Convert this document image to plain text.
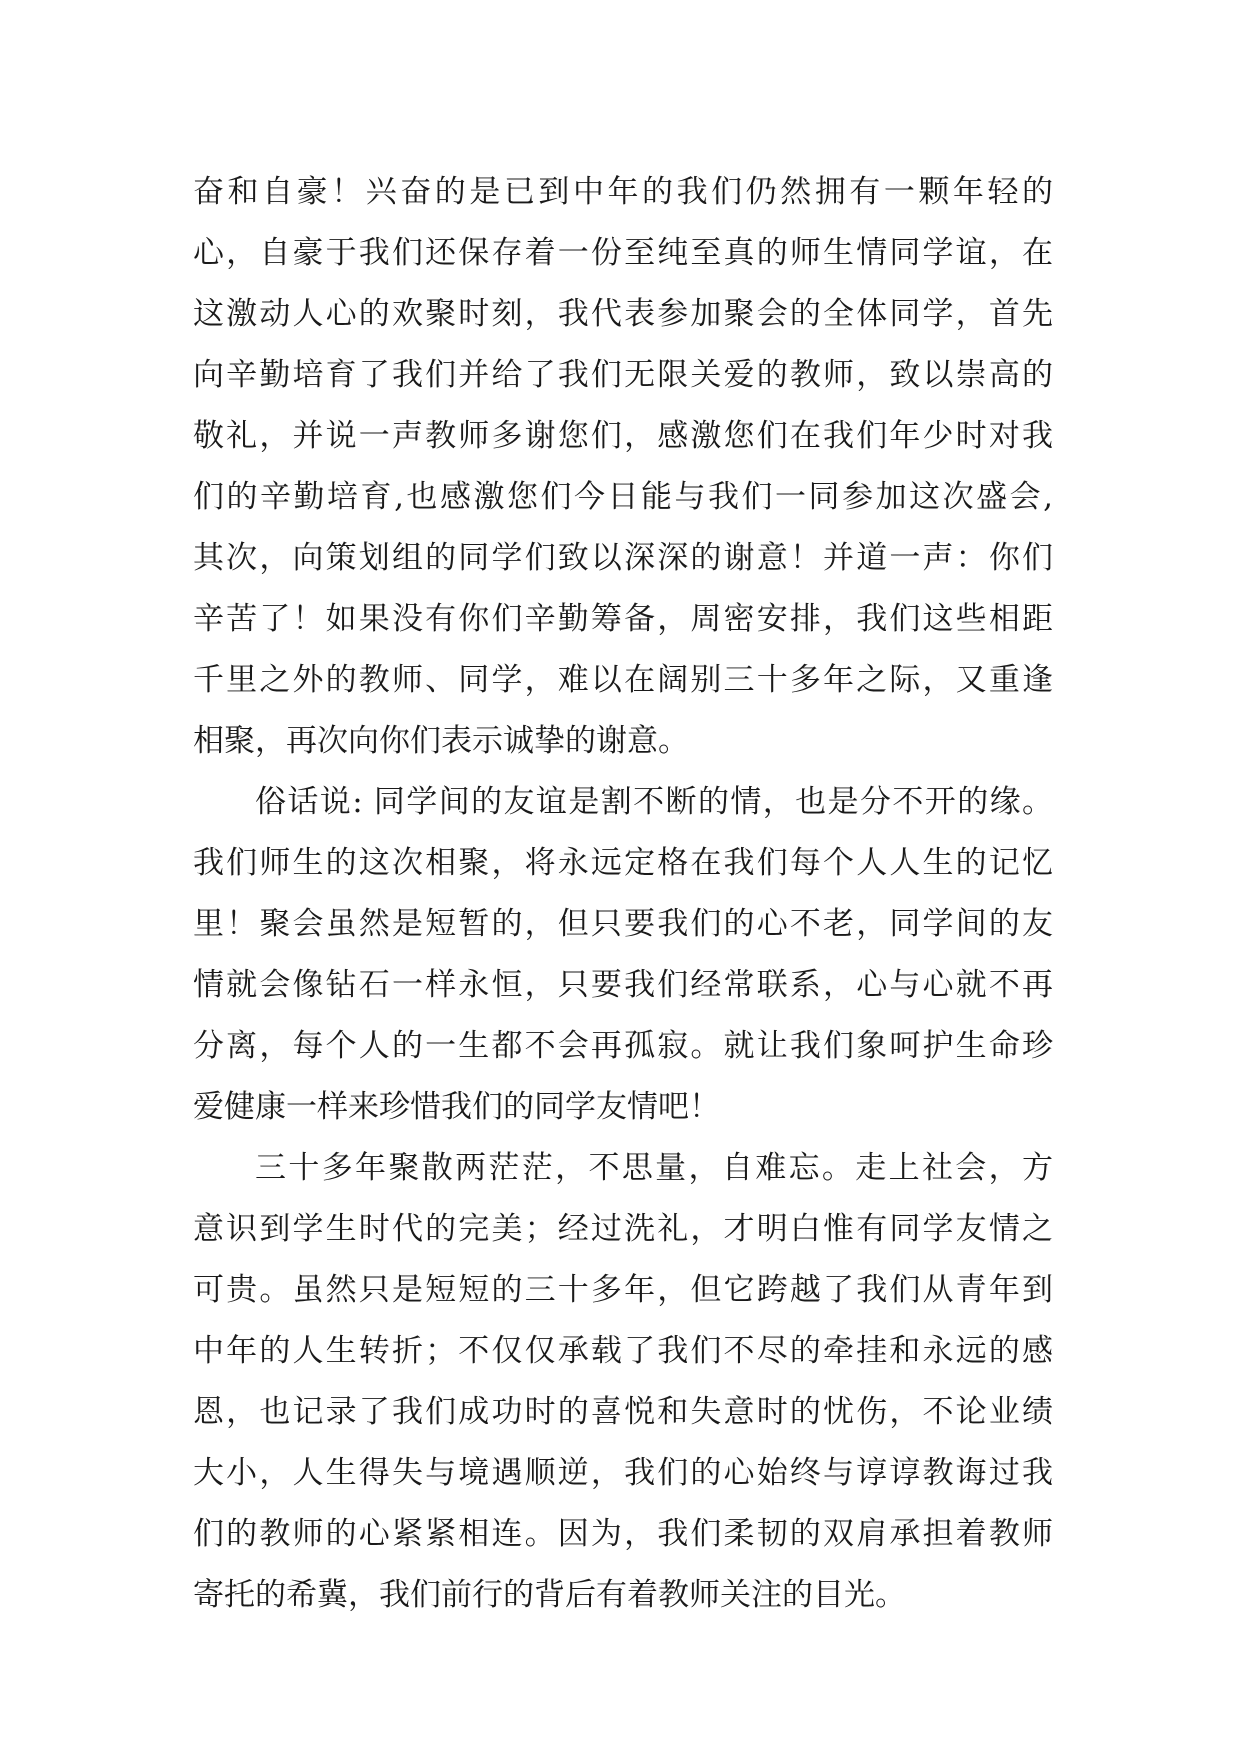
奋和自豪！兴奋的是已到中年的我们仍然拥有一颗年轻的
心，自豪于我们还保存着一份至纯至真的师生情同学谊，在
这激动人心的欢聚时刻，我代表参加聚会的全体同学，首先
向辛勤培育了我们并给了我们无限关爱的教师，致以崇高的
敬礼，并说一声教师多谢您们，感激您们在我们年少时对我
们的辛勤培育,也感激您们今日能与我们一同参加这次盛会,
其次，向策划组的同学们致以深深的谢意！并道一声：你们
辛苦了！如果没有你们辛勤筹备，周密安排，我们这些相距
千里之外的教师、同学，难以在阔别三十多年之际，又重逢
相聚，再次向你们表示诚挚的谢意。
俗话说: 同学间的友谊是割不断的情，也是分不开的缘。
我们师生的这次相聚，将永远定格在我们每个人人生的记忆
里！聚会虽然是短暂的，但只要我们的心不老，同学间的友
情就会像钻石一样永恒，只要我们经常联系，心与心就不再
分离，每个人的一生都不会再孤寂。就让我们象呵护生命珍
爱健康一样来珍惜我们的同学友情吧！
三十多年聚散两茫茫，不思量，自难忘。走上社会，方
意识到学生时代的完美；经过洗礼，才明白惟有同学友情之
可贵。虽然只是短短的三十多年，但它跨越了我们从青年到
中年的人生转折；不仅仅承载了我们不尽的牵挂和永远的感
恩，也记录了我们成功时的喜悦和失意时的忧伤，不论业绩
大小，人生得失与境遇顺逆，我们的心始终与谆谆教诲过我
们的教师的心紧紧相连。因为，我们柔韧的双肩承担着教师
寄托的希冀，我们前行的背后有着教师关注的目光。
